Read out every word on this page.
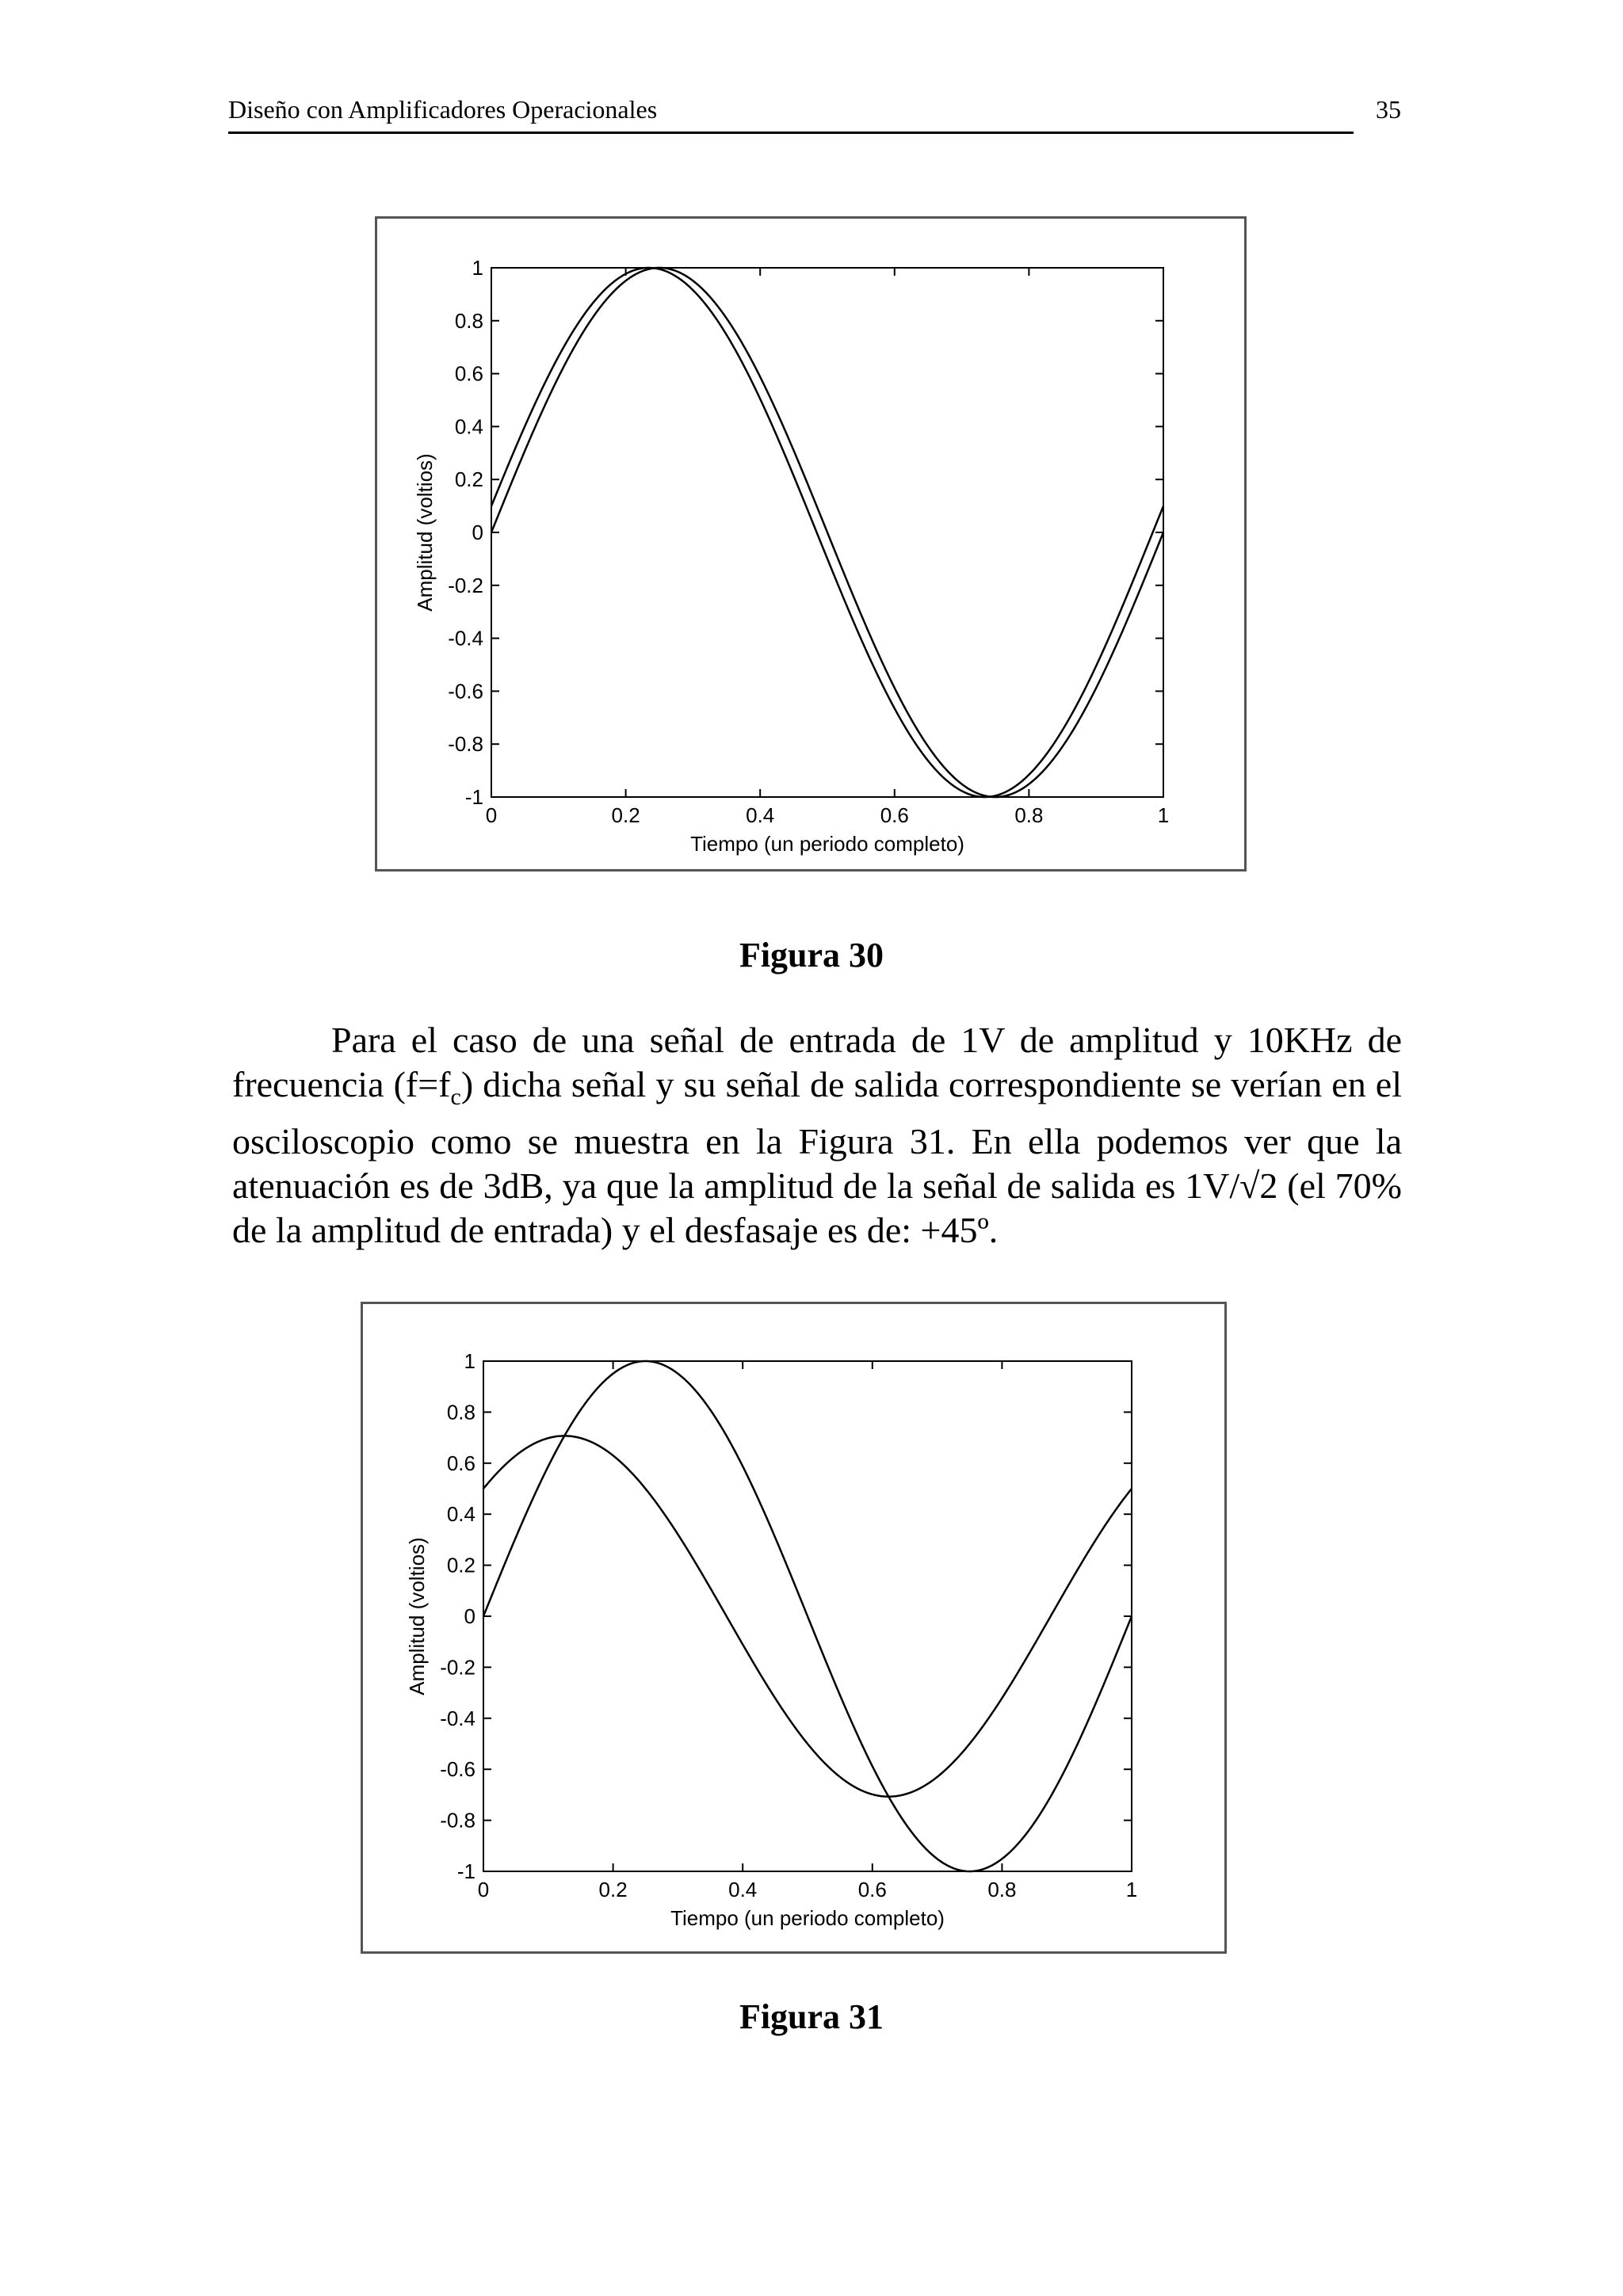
Diseño con Amplificadores Operacionales	35
0	0.2	0.4	0.6	0.8	1
1
0.8
0.6
0.4
0.2
0
-0.2
-0.4
-0.6
-0.8
-1
Tiempo (un periodo completo)
Amplitud (voltios)
Figura 30

Para el caso de una señal de entrada de 1V de amplitud y 10KHz de frecuencia $(f=f_c)$ dicha señal y su señal de salida correspondiente se verían en el osciloscopio como se muestra en la Figura 31. En ella podemos ver que la atenuación es de 3dB, ya que la amplitud de la señal de salida es 1V/√2 (el 70% de la amplitud de entrada) y el desfasaje es de: +45º.

0	0.2	0.4	0.6	0.8	1
1
0.8
0.6
0.4
0.2
0
-0.2
-0.4
-0.6
-0.8
-1
Tiempo (un periodo completo)
Amplitud (voltios)
Figura 31
